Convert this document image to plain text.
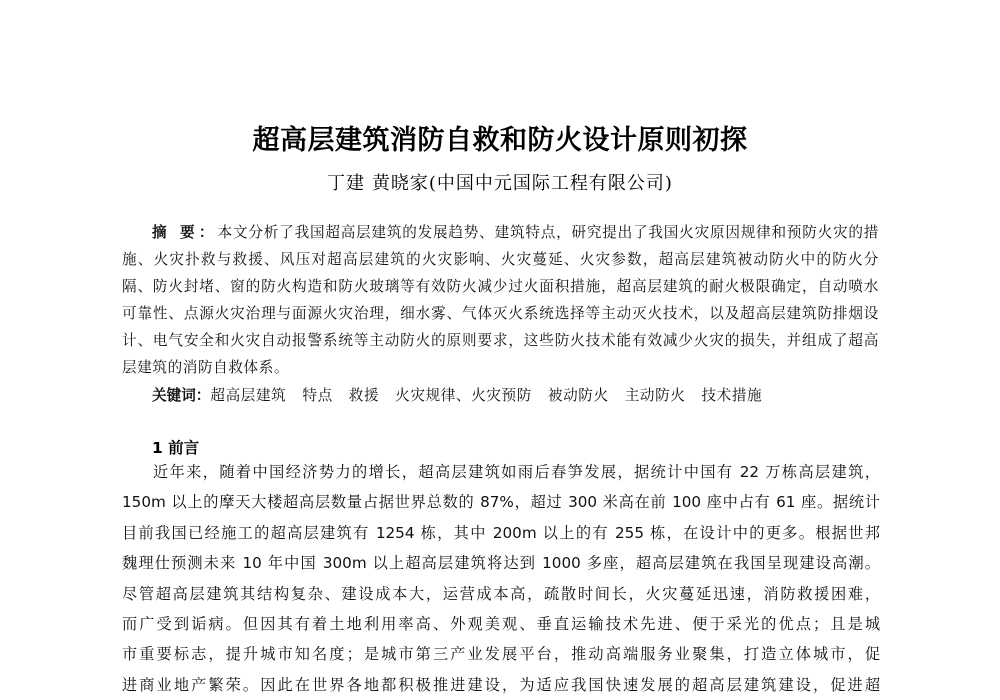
超高层建筑消防自救和防火设计原则初探
丁建 黄晓家(中国中元国际工程有限公司)
摘 要：本文分析了我国超高层建筑的发展趋势、建筑特点，研究提出了我国火灾原因规律和预防火灾的措施、火灾扑救与救援、风压对超高层建筑的火灾影响、火灾蔓延、火灾参数，超高层建筑被动防火中的防火分隔、防火封堵、窗的防火构造和防火玻璃等有效防火减少过火面积措施，超高层建筑的耐火极限确定，自动喷水可靠性、点源火灾治理与面源火灾治理，细水雾、气体灭火系统选择等主动灭火技术，以及超高层建筑防排烟设计、电气安全和火灾自动报警系统等主动防火的原则要求，这些防火技术能有效减少火灾的损失，并组成了超高层建筑的消防自救体系。
关键词：超高层建筑 特点 救援 火灾规律、火灾预防 被动防火 主动防火 技术措施
1 前言
近年来，随着中国经济势力的增长，超高层建筑如雨后春笋发展，据统计中国有 22 万栋高层建筑，
150m 以上的摩天大楼超高层数量占据世界总数的 87%，超过 300 米高在前 100 座中占有 61 座。据统计
目前我国已经施工的超高层建筑有 1254 栋，其中 200m 以上的有 255 栋，在设计中的更多。根据世邦
魏理仕预测未来 10 年中国 300m 以上超高层建筑将达到 1000 多座，超高层建筑在我国呈现建设高潮。
尽管超高层建筑其结构复杂、建设成本大，运营成本高，疏散时间长，火灾蔓延迅速，消防救援困难，
而广受到诟病。但因其有着土地利用率高、外观美观、垂直运输技术先进、便于采光的优点；且是城
市重要标志，提升城市知名度；是城市第三产业发展平台，推动高端服务业聚集，打造立体城市，促
进商业地产繁荣。因此在世界各地都积极推进建设，为适应我国快速发展的超高层建筑建设，促进超
